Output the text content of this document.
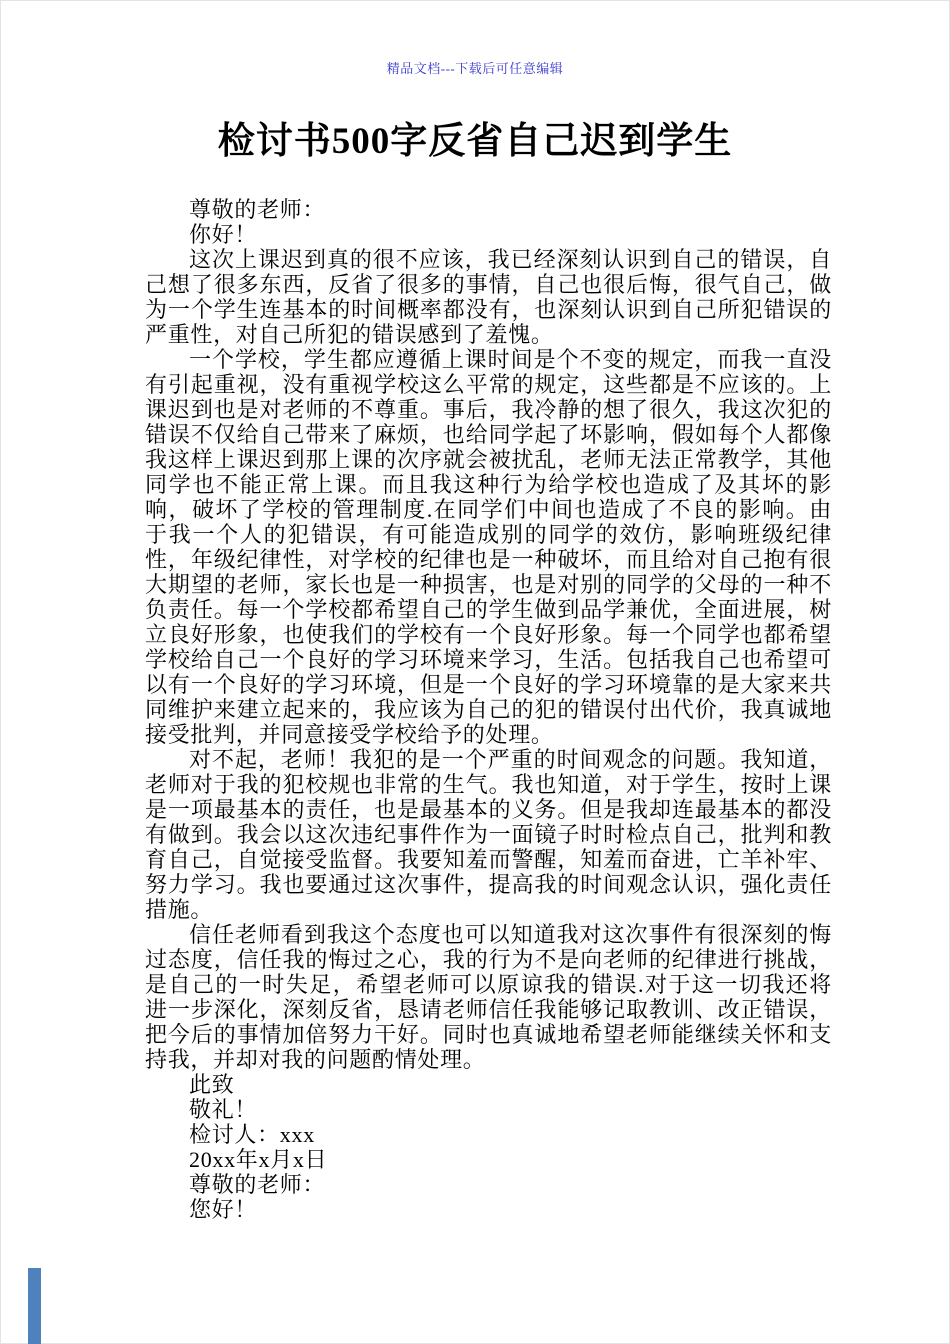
精品文档---下载后可任意编辑
检讨书500字反省自己迟到学生

尊敬的老师：

你好！

这次上课迟到真的很不应该，我已经深刻认识到自己的错误，自己想了很多东西，反省了很多的事情，自己也很后悔，很气自己，做为一个学生连基本的时间概率都没有，也深刻认识到自己所犯错误的严重性，对自己所犯的错误感到了羞愧。

一个学校，学生都应遵循上课时间是个不变的规定，而我一直没有引起重视，没有重视学校这么平常的规定，这些都是不应该的。上课迟到也是对老师的不尊重。事后，我冷静的想了很久，我这次犯的错误不仅给自己带来了麻烦，也给同学起了坏影响，假如每个人都像我这样上课迟到那上课的次序就会被扰乱，老师无法正常教学，其他同学也不能正常上课。而且我这种行为给学校也造成了及其坏的影响，破坏了学校的管理制度.在同学们中间也造成了不良的影响。由于我一个人的犯错误，有可能造成别的同学的效仿，影响班级纪律性，年级纪律性，对学校的纪律也是一种破坏，而且给对自己抱有很大期望的老师，家长也是一种损害，也是对别的同学的父母的一种不负责任。每一个学校都希望自己的学生做到品学兼优，全面进展，树立良好形象，也使我们的学校有一个良好形象。每一个同学也都希望学校给自己一个良好的学习环境来学习，生活。包括我自己也希望可以有一个良好的学习环境，但是一个良好的学习环境靠的是大家来共同维护来建立起来的，我应该为自己的犯的错误付出代价，我真诚地接受批判，并同意接受学校给予的处理。

对不起，老师！我犯的是一个严重的时间观念的问题。我知道，老师对于我的犯校规也非常的生气。我也知道，对于学生，按时上课是一项最基本的责任，也是最基本的义务。但是我却连最基本的都没有做到。我会以这次违纪事件作为一面镜子时时检点自己，批判和教育自己，自觉接受监督。我要知羞而警醒，知羞而奋进，亡羊补牢、努力学习。我也要通过这次事件，提高我的时间观念认识，强化责任措施。

信任老师看到我这个态度也可以知道我对这次事件有很深刻的悔过态度，信任我的悔过之心，我的行为不是向老师的纪律进行挑战，是自己的一时失足，希望老师可以原谅我的错误.对于这一切我还将进一步深化，深刻反省，恳请老师信任我能够记取教训、改正错误，把今后的事情加倍努力干好。同时也真诚地希望老师能继续关怀和支持我，并却对我的问题酌情处理。

此致

敬礼！

检讨人：xxx

20xx年x月x日

尊敬的老师：

您好！
